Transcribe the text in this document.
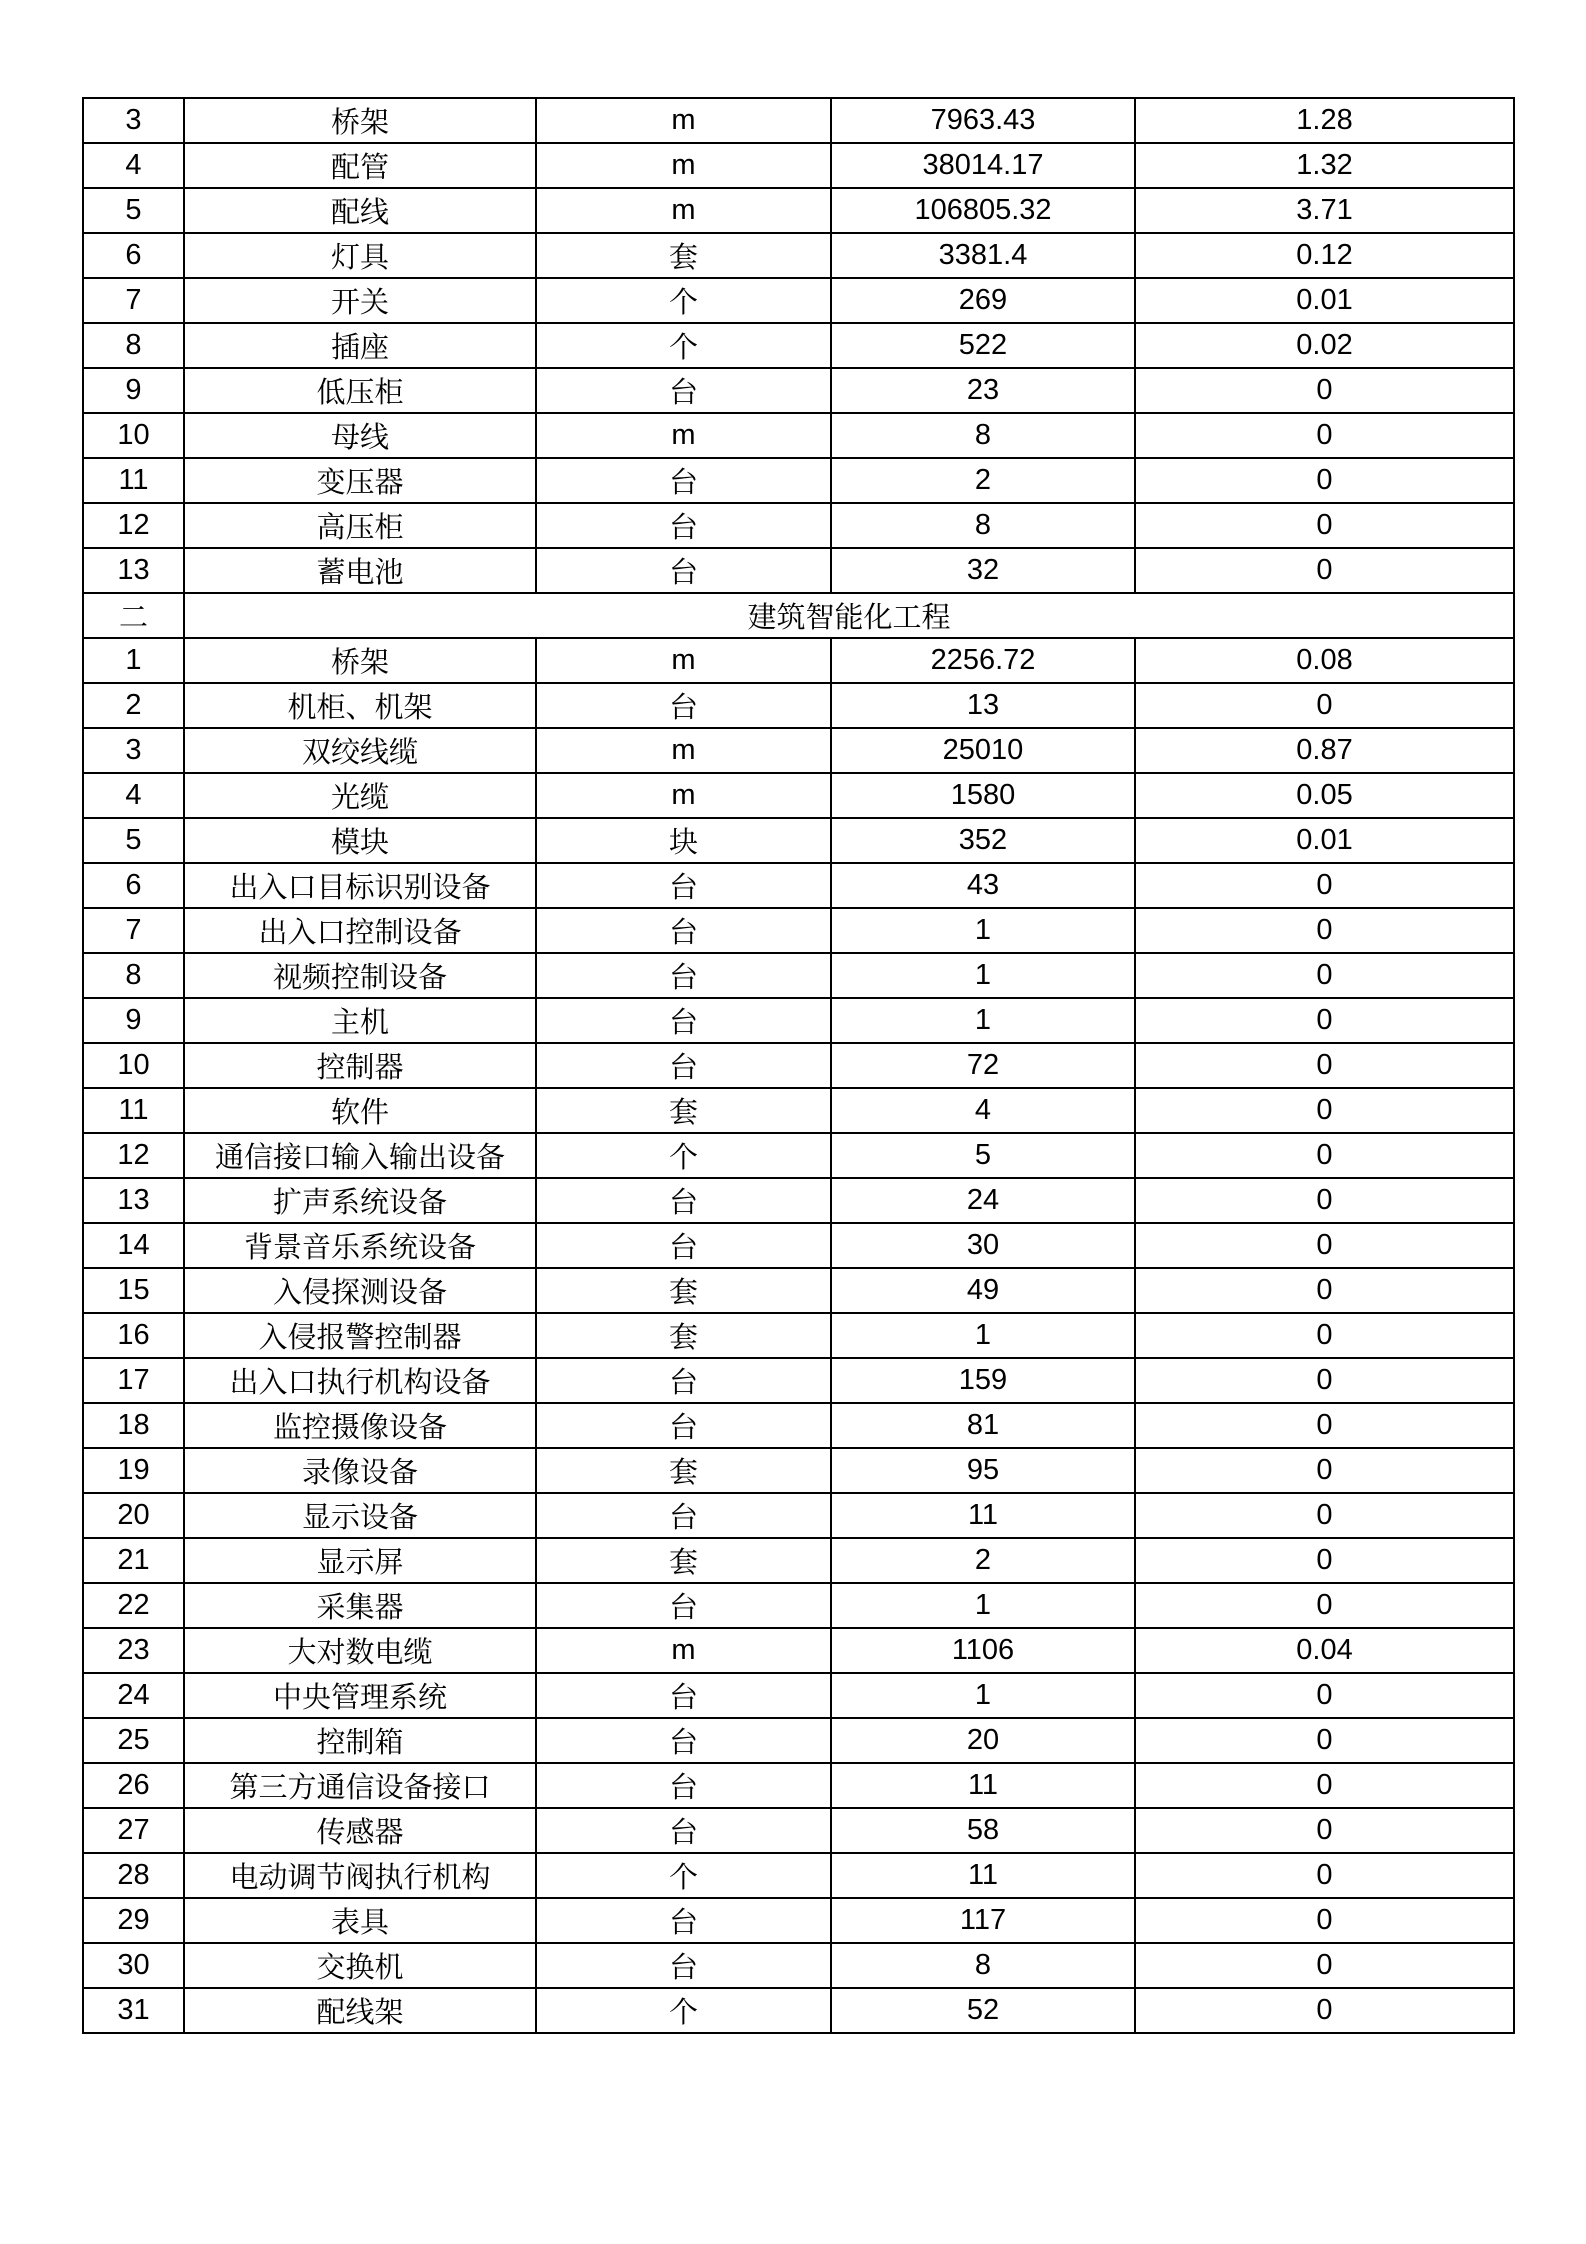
3	桥架	m	7963.43	1.28
4	配管	m	38014.17	1.32
5	配线	m	106805.32	3.71
6	灯具	套	3381.4	0.12
7	开关	个	269	0.01
8	插座	个	522	0.02
9	低压柜	台	23	0
10	母线	m	8	0
11	变压器	台	2	0
12	高压柜	台	8	0
13	蓄电池	台	32	0
二	建筑智能化工程			
1	桥架	m	2256.72	0.08
2	机柜、机架	台	13	0
3	双绞线缆	m	25010	0.87
4	光缆	m	1580	0.05
5	模块	块	352	0.01
6	出入口目标识别设备	台	43	0
7	出入口控制设备	台	1	0
8	视频控制设备	台	1	0
9	主机	台	1	0
10	控制器	台	72	0
11	软件	套	4	0
12	通信接口输入输出设备	个	5	0
13	扩声系统设备	台	24	0
14	背景音乐系统设备	台	30	0
15	入侵探测设备	套	49	0
16	入侵报警控制器	套	1	0
17	出入口执行机构设备	台	159	0
18	监控摄像设备	台	81	0
19	录像设备	套	95	0
20	显示设备	台	11	0
21	显示屏	套	2	0
22	采集器	台	1	0
23	大对数电缆	m	1106	0.04
24	中央管理系统	台	1	0
25	控制箱	台	20	0
26	第三方通信设备接口	台	11	0
27	传感器	台	58	0
28	电动调节阀执行机构	个	11	0
29	表具	台	117	0
30	交换机	台	8	0
31	配线架	个	52	0
